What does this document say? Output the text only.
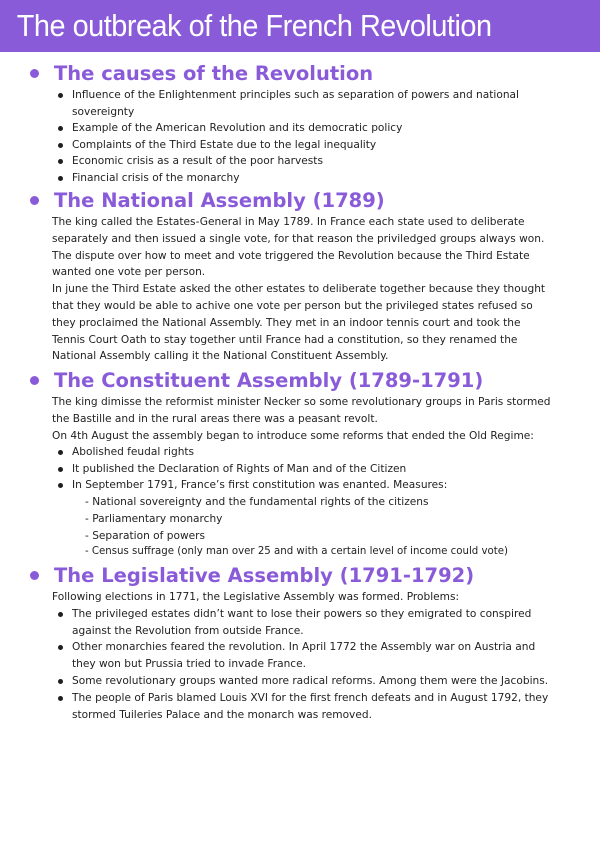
The outbreak of the French Revolution
The causes of the Revolution
Influence of the Enlightenment principles such as separation of powers and national
sovereignty
Example of the American Revolution and its democratic policy
Complaints of the Third Estate due to the legal inequality
Economic crisis as a result of the poor harvests
Financial crisis of the monarchy
The National Assembly (1789)
The king called the Estates-General in May 1789. In France each state used to deliberate
separately and then issued a single vote, for that reason the priviledged groups always won.
The dispute over how to meet and vote triggered the Revolution because the Third Estate
wanted one vote per person.
In june the Third Estate asked the other estates to deliberate together because they thought
that they would be able to achive one vote per person but the privileged states refused so
they proclaimed the National Assembly. They met in an indoor tennis court and took the
Tennis Court Oath to stay together until France had a constitution, so they renamed the
National Assembly calling it the National Constituent Assembly.
The Constituent Assembly (1789-1791)
The king dimisse the reformist minister Necker so some revolutionary groups in Paris stormed
the Bastille and in the rural areas there was a peasant revolt.
On 4th August the assembly began to introduce some reforms that ended the Old Regime:
Abolished feudal rights
It published the Declaration of Rights of Man and of the Citizen
In September 1791, France’s first constitution was enanted. Measures:
- National sovereignty and the fundamental rights of the citizens
- Parliamentary monarchy
- Separation of powers
- Census suffrage (only man over 25 and with a certain level of income could vote)
The Legislative Assembly (1791-1792)
Following elections in 1771, the Legislative Assembly was formed. Problems:
The privileged estates didn’t want to lose their powers so they emigrated to conspired
against the Revolution from outside France.
Other monarchies feared the revolution. In April 1772 the Assembly war on Austria and
they won but Prussia tried to invade France.
Some revolutionary groups wanted more radical reforms. Among them were the Jacobins.
The people of Paris blamed Louis XVI for the first french defeats and in August 1792, they
stormed Tuileries Palace and the monarch was removed.
